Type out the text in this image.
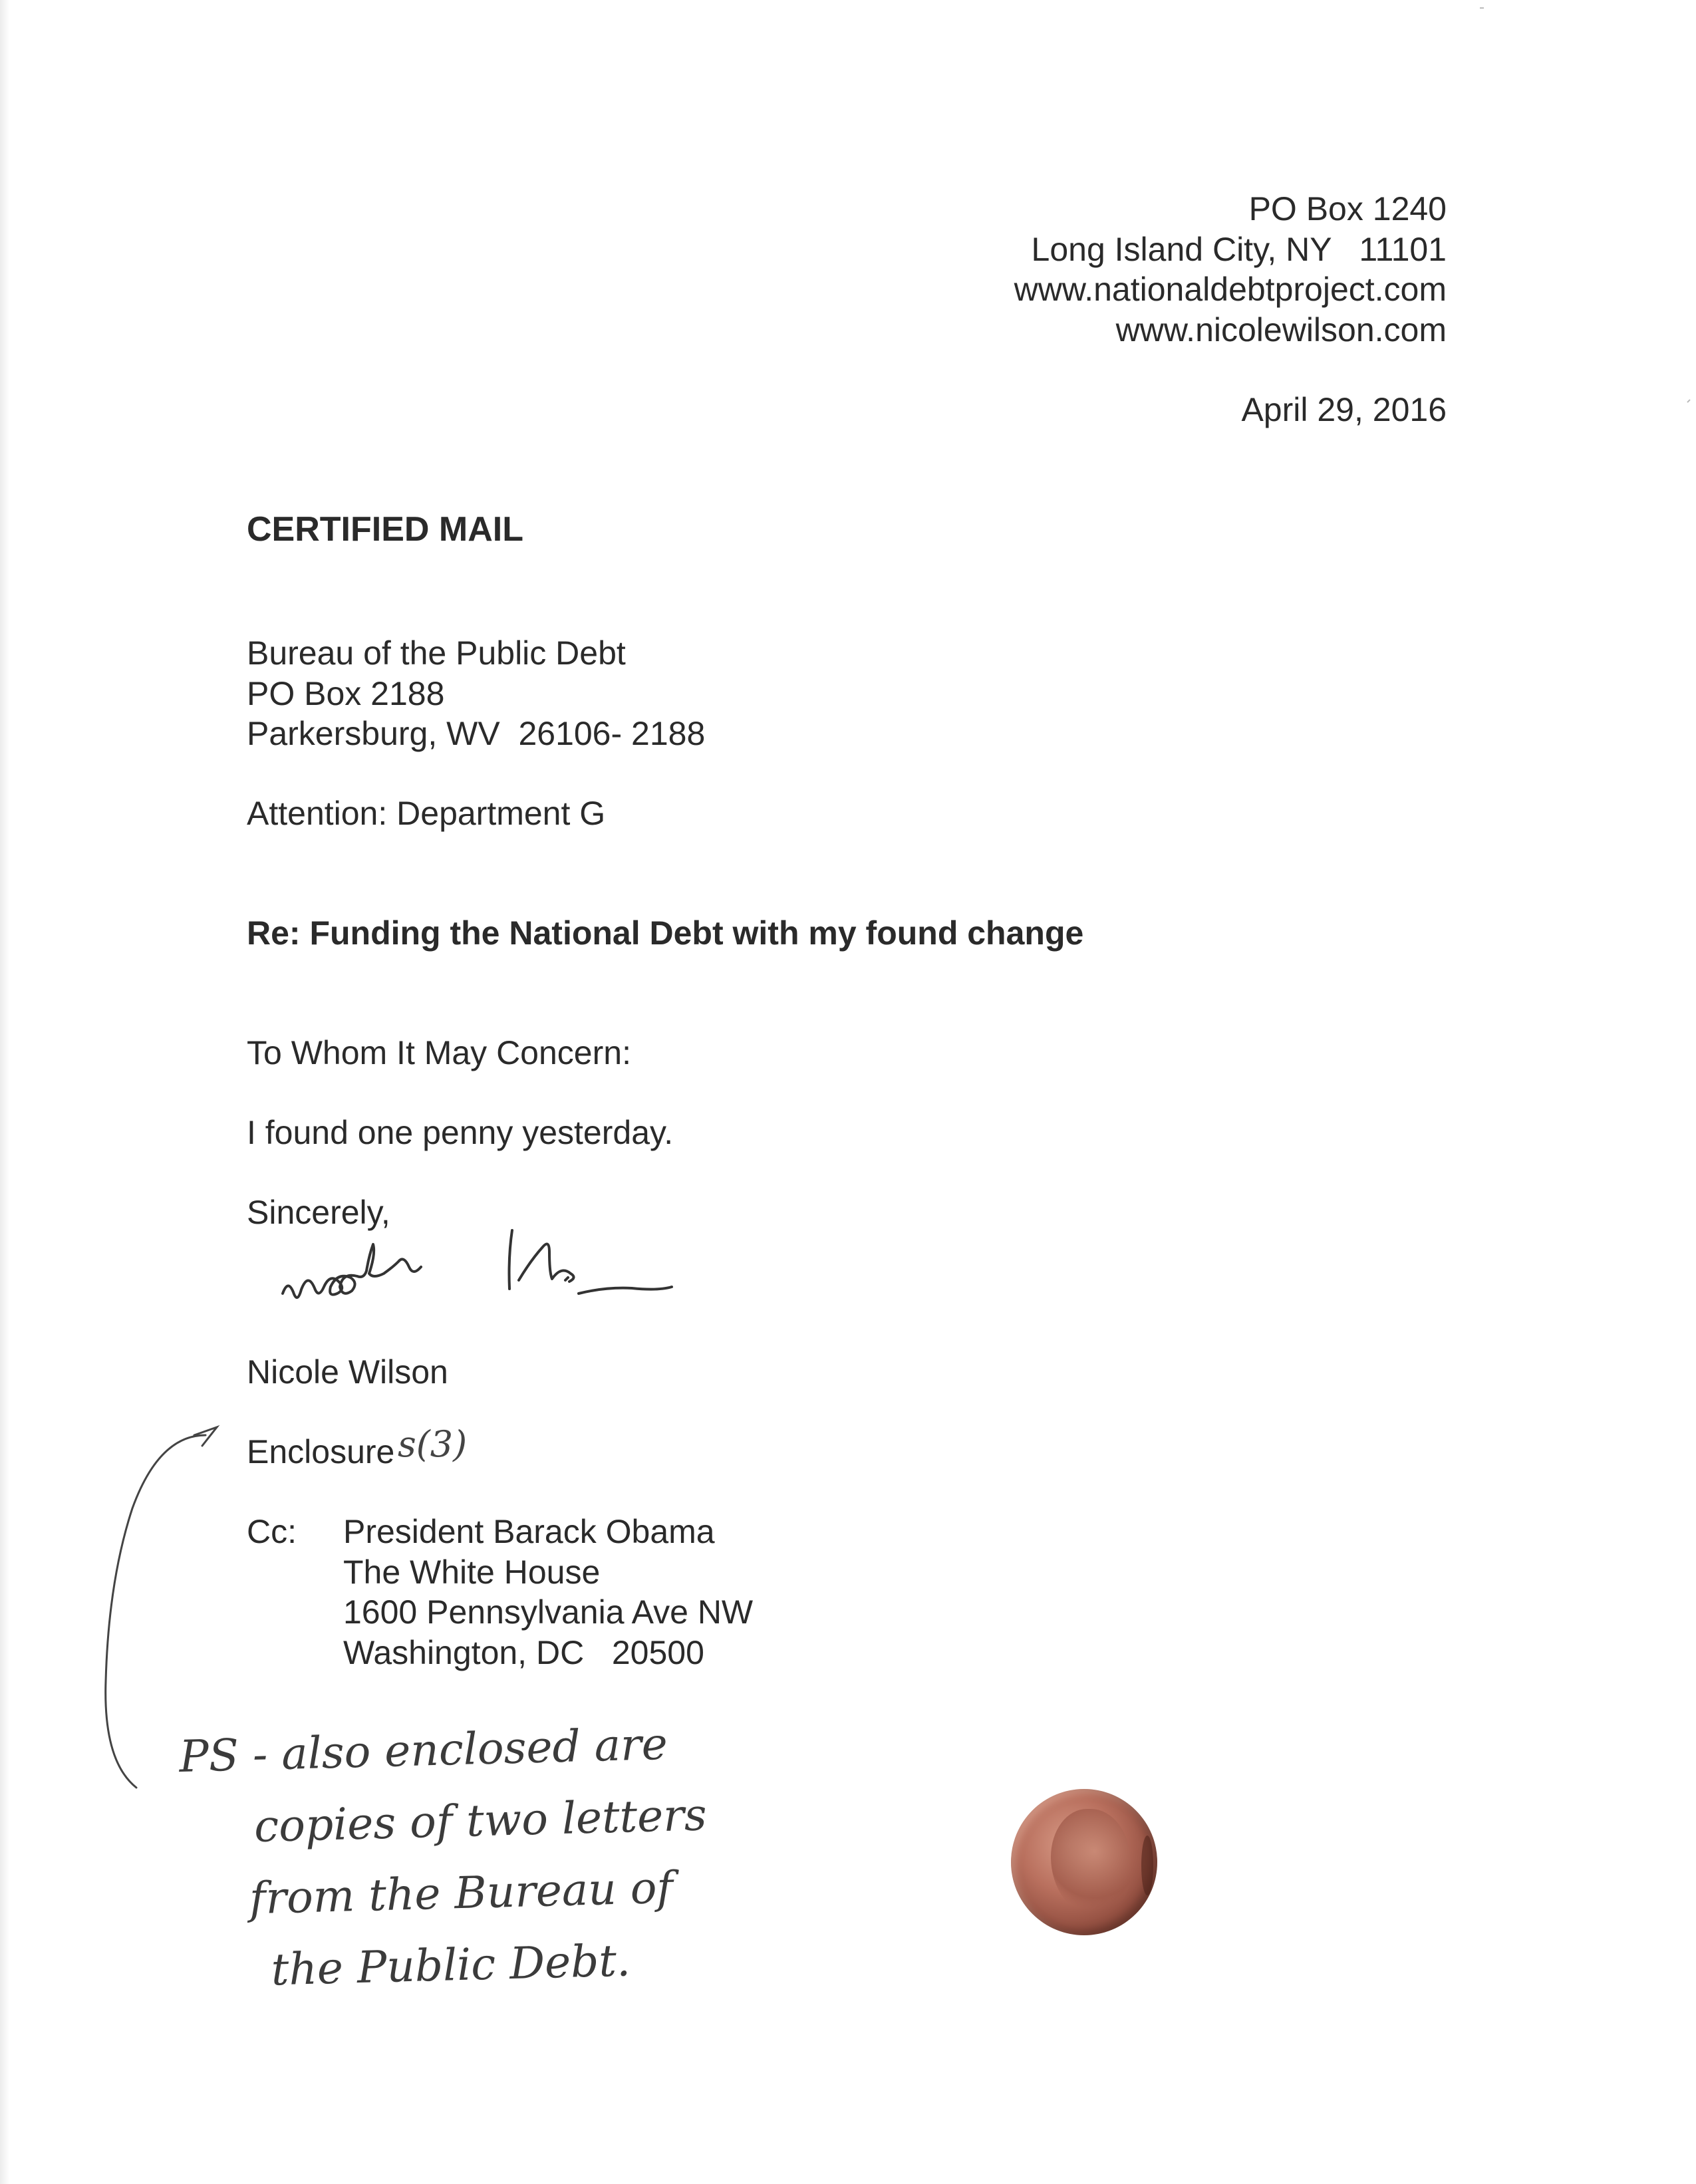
PO Box 1240
Long Island City, NY   11101
www.nationaldebtproject.com
www.nicolewilson.com
April 29, 2016
CERTIFIED MAIL
Bureau of the Public Debt
PO Box 2188
Parkersburg, WV  26106- 2188
Attention: Department G
Re: Funding the National Debt with my found change
To Whom It May Concern:
I found one penny yesterday.
Sincerely,
Nicole Wilson
Enclosure s(3)
Cc: President Barack Obama
The White House
1600 Pennsylvania Ave NW
Washington, DC   20500
PS - also enclosed are
copies of two letters
from the Bureau of
the Public Debt.
